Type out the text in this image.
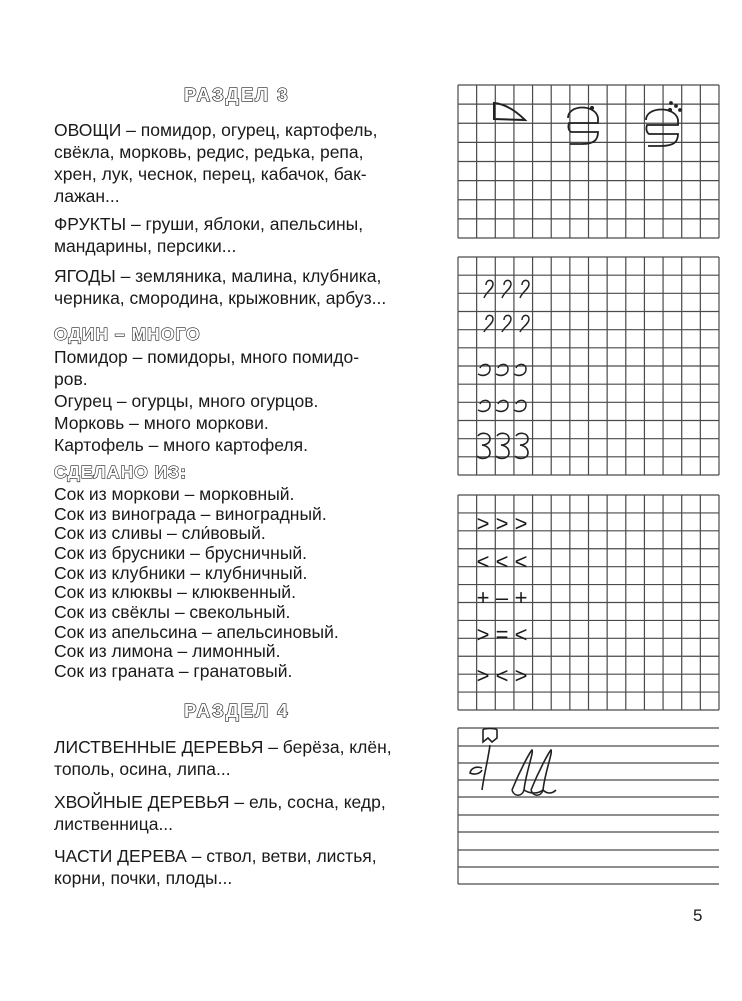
РАЗДЕЛ 3

ОВОЩИ – помидор, огурец, картофель,

свёкла, морковь, редис, редька, репа,

хрен, лук, чеснок, перец, кабачок, бак-

лажан...

ФРУКТЫ – груши, яблоки, апельсины,

мандарины, персики...

ЯГОДЫ – земляника, малина, клубника,

черника, смородина, крыжовник, арбуз...

ОДИН – МНОГО

Помидор – помидоры, много помидо-

ров.

Огурец – огурцы, много огурцов.

Морковь – много моркови.

Картофель – много картофеля.

СДЕЛАНО ИЗ:

Сок из моркови – морковный.

Сок из винограда – виноградный.

Сок из сливы – сли́вовый.

Сок из брусники – брусничный.

Сок из клубники – клубничный.

Сок из клюквы – клюквенный.

Сок из свёклы – свекольный.

Сок из апельсина – апельсиновый.

Сок из лимона – лимонный.

Сок из граната – гранатовый.

РАЗДЕЛ 4

ЛИСТВЕННЫЕ ДЕРЕВЬЯ – берёза, клён,

тополь, осина, липа...

ХВОЙНЫЕ ДЕРЕВЬЯ – ель, сосна, кедр,

лиственница...

ЧАСТИ ДЕРЕВА – ствол, ветви, листья,

корни, почки, плоды...

> > >
< < <
+ – +
> = <
> < >
5
